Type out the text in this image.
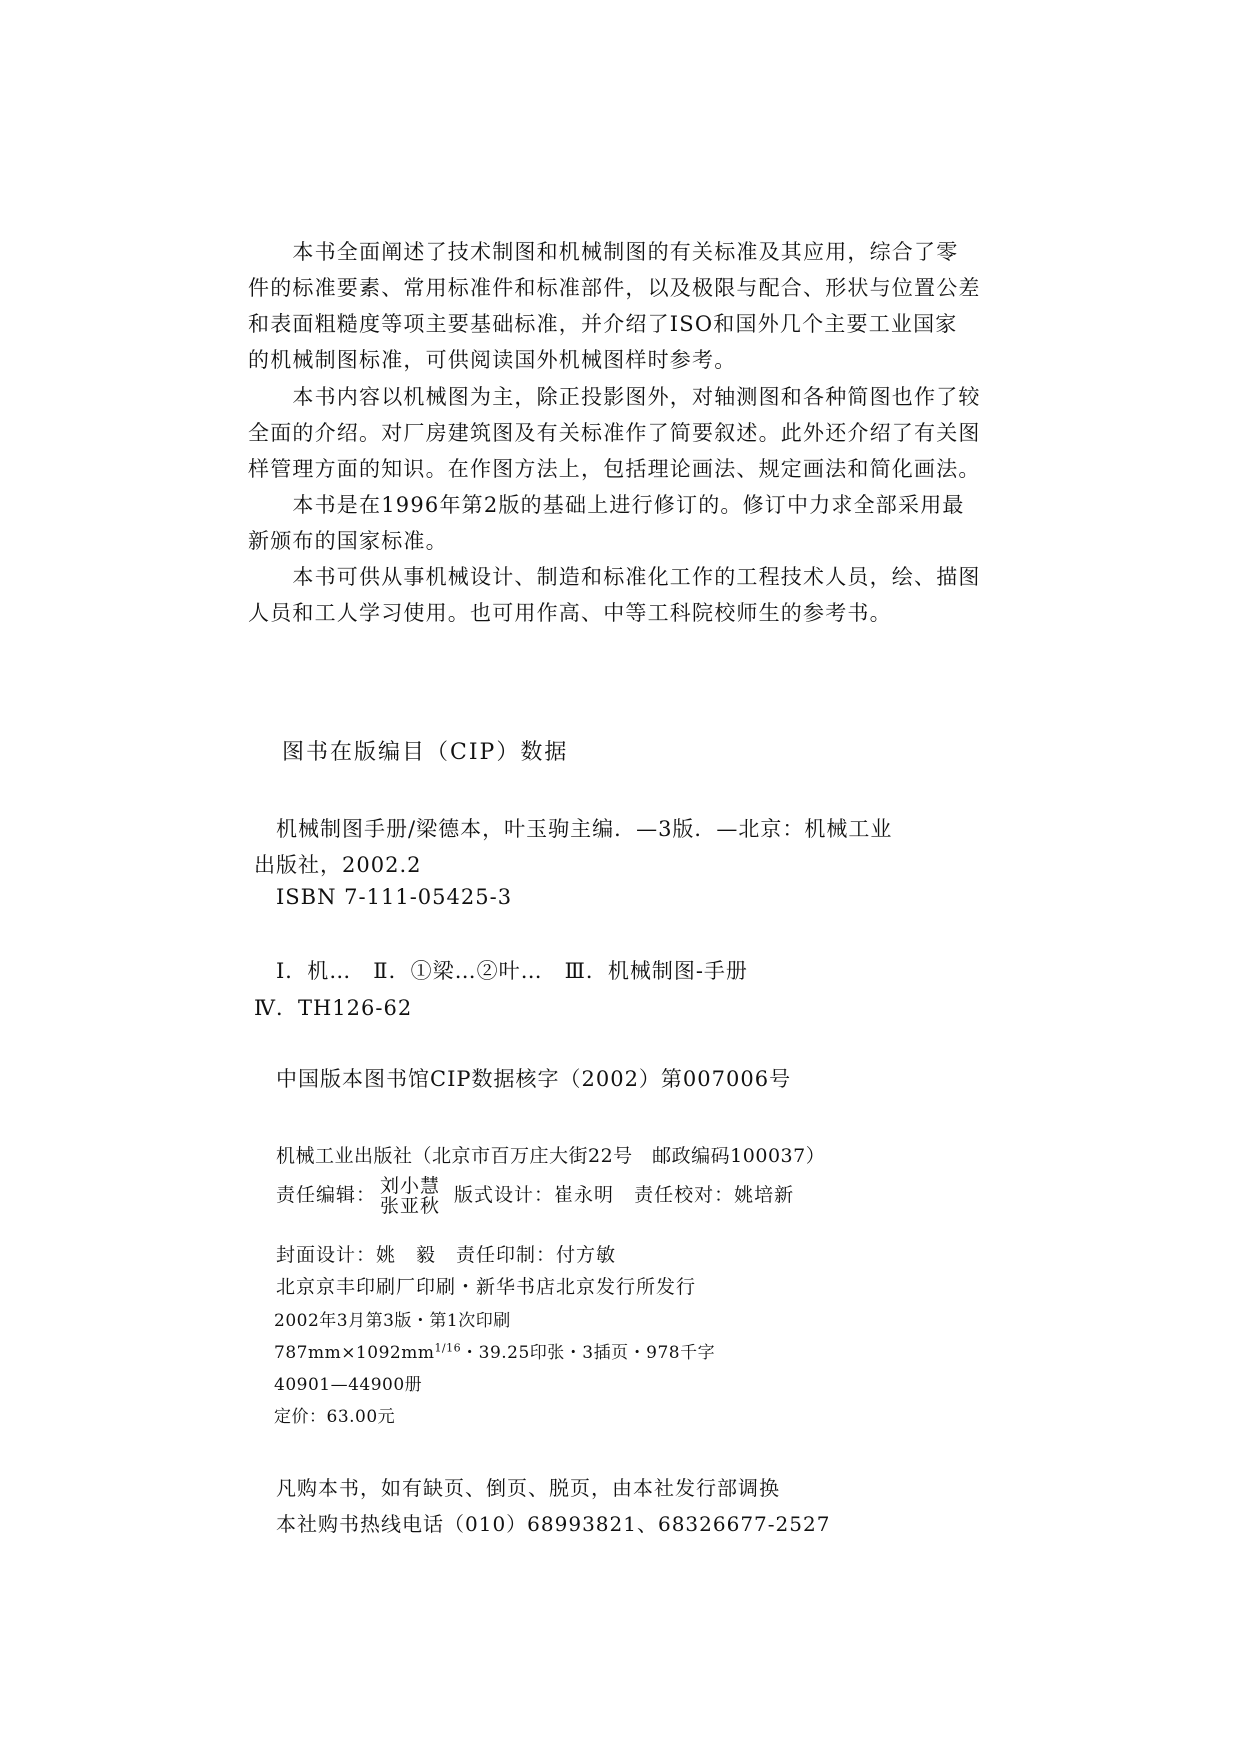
　　本书全面阐述了技术制图和机械制图的有关标准及其应用，综合了零

件的标准要素、常用标准件和标准部件，以及极限与配合、形状与位置公差

和表面粗糙度等项主要基础标准，并介绍了ISO和国外几个主要工业国家

的机械制图标准，可供阅读国外机械图样时参考。

　　本书内容以机械图为主，除正投影图外，对轴测图和各种简图也作了较

全面的介绍。对厂房建筑图及有关标准作了简要叙述。此外还介绍了有关图

样管理方面的知识。在作图方法上，包括理论画法、规定画法和简化画法。

　　本书是在1996年第2版的基础上进行修订的。修订中力求全部采用最

新颁布的国家标准。

　　本书可供从事机械设计、制造和标准化工作的工程技术人员，绘、描图

人员和工人学习使用。也可用作高、中等工科院校师生的参考书。

图书在版编目（CIP）数据
机械制图手册/梁德本，叶玉驹主编．—3版．—北京：机械工业
出版社，2002.2
ISBN 7-111-05425-3
Ⅰ．机…　Ⅱ．①梁…②叶…　Ⅲ．机械制图-手册
Ⅳ．TH126-62
中国版本图书馆CIP数据核字（2002）第007006号
机械工业出版社（北京市百万庄大街22号　邮政编码100037）
责任编辑： 刘小慧
张亚秋 版式设计：崔永明　 责任校对：姚培新
封面设计：姚　毅　责任印制：付方敏
北京京丰印刷厂印刷・新华书店北京发行所发行
2002年3月第3版・第1次印刷
$787mm\times 1092mm^{1/16}$・39.25印张・3插页・978千字
40901—44900册
定价：63.00元
凡购本书，如有缺页、倒页、脱页，由本社发行部调换
本社购书热线电话（010）68993821、68326677-2527
